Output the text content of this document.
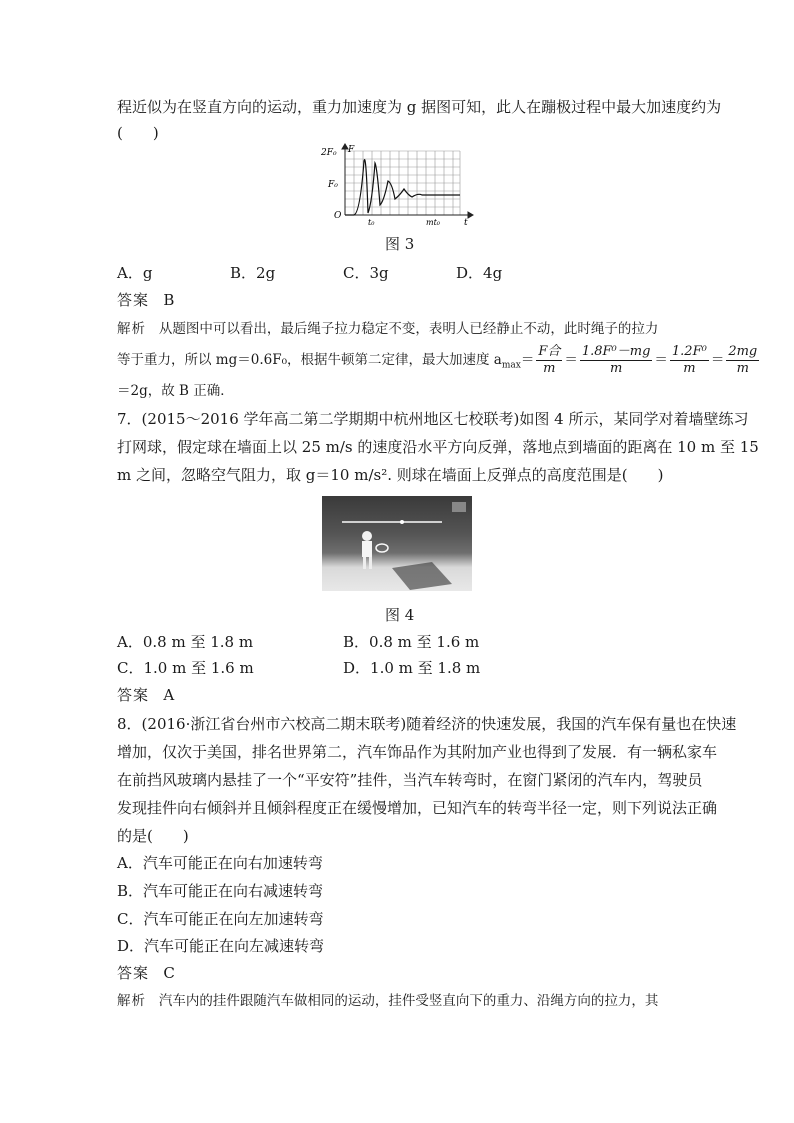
程近似为在竖直方向的运动，重力加速度为 g 据图可知，此人在蹦极过程中最大加速度约为
(　　)
2F₀
F₀
O
F
t₀	mt₀	t
图 3
A．g	B．2g	C．3g	D．4g
答案 B
解析 从题图中可以看出，最后绳子拉力稳定不变，表明人已经静止不动，此时绳子的拉力
等于重力，所以 mg＝0.6F₀，根据牛顿第二定律，最大加速度 $a_{max}= \frac{\text{F合}}{m} = \frac{\text{1.8F⁰－mg}}{m} = \frac{\text{1.2F⁰}}{m} = \frac{2mg}{m}$
＝2g，故 B 正确．
7．(2015～2016 学年高二第二学期期中杭州地区七校联考)如图 4 所示，某同学对着墙壁练习
打网球，假定球在墙面上以 25 m/s 的速度沿水平方向反弹，落地点到墙面的距离在 10 m 至 15
m 之间，忽略空气阻力，取 g＝10 m/s². 则球在墙面上反弹点的高度范围是(　　)
图 4
A．0.8 m 至 1.8 m	B．0.8 m 至 1.6 m
C．1.0 m 至 1.6 m	D．1.0 m 至 1.8 m
答案 A
8．(2016·浙江省台州市六校高二期末联考)随着经济的快速发展，我国的汽车保有量也在快速
增加，仅次于美国，排名世界第二，汽车饰品作为其附加产业也得到了发展．有一辆私家车
在前挡风玻璃内悬挂了一个“平安符”挂件，当汽车转弯时，在窗门紧闭的汽车内，驾驶员
发现挂件向右倾斜并且倾斜程度正在缓慢增加，已知汽车的转弯半径一定，则下列说法正确
的是(　　)
A．汽车可能正在向右加速转弯
B．汽车可能正在向右减速转弯
C．汽车可能正在向左加速转弯
D．汽车可能正在向左减速转弯
答案 C
解析 汽车内的挂件跟随汽车做相同的运动，挂件受竖直向下的重力、沿绳方向的拉力，其
